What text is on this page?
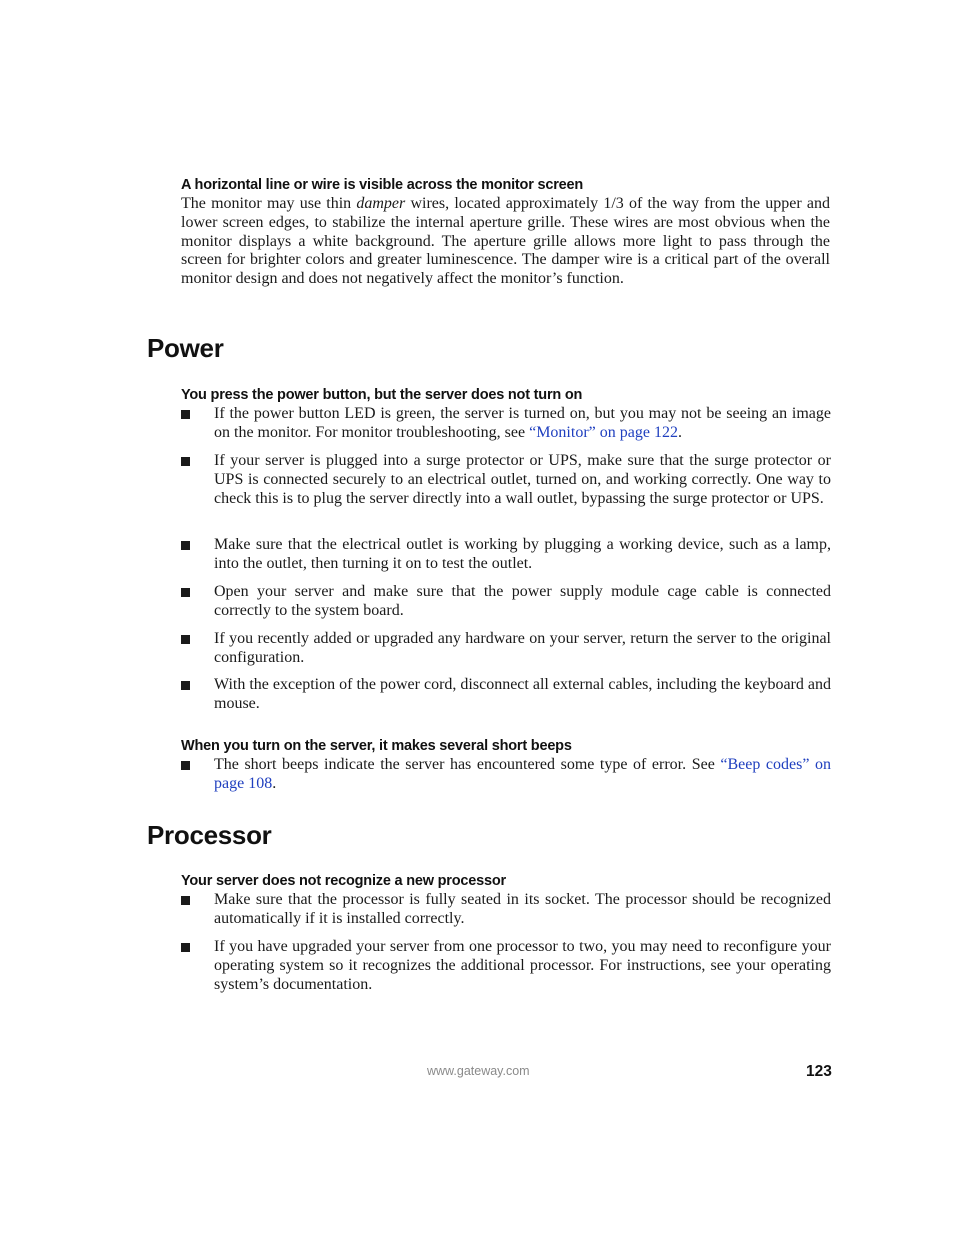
A horizontal line or wire is visible across the monitor screen

The monitor may use thin damper wires, located approximately 1/3 of the way from the upper and lower screen edges, to stabilize the internal aperture grille. These wires are most obvious when the monitor displays a white background. The aperture grille allows more light to pass through the screen for brighter colors and greater luminescence. The damper wire is a critical part of the overall monitor design and does not negatively affect the monitor’s function.

Power
You press the power button, but the server does not turn on
If the power button LED is green, the server is turned on, but you may not be seeing an image on the monitor. For monitor troubleshooting, see “Monitor” on page 122.
If your server is plugged into a surge protector or UPS, make sure that the surge protector or UPS is connected securely to an electrical outlet, turned on, and working correctly. One way to check this is to plug the server directly into a wall outlet, bypassing the surge protector or UPS.
Make sure that the electrical outlet is working by plugging a working device, such as a lamp, into the outlet, then turning it on to test the outlet.
Open your server and make sure that the power supply module cage cable is connected correctly to the system board.
If you recently added or upgraded any hardware on your server, return the server to the original configuration.
With the exception of the power cord, disconnect all external cables, including the keyboard and mouse.
When you turn on the server, it makes several short beeps
The short beeps indicate the server has encountered some type of error. See “Beep codes” on page 108.
Processor
Your server does not recognize a new processor
Make sure that the processor is fully seated in its socket. The processor should be recognized automatically if it is installed correctly.
If you have upgraded your server from one processor to two, you may need to reconfigure your operating system so it recognizes the additional processor. For instructions, see your operating system’s documentation.
www.gateway.com	123
